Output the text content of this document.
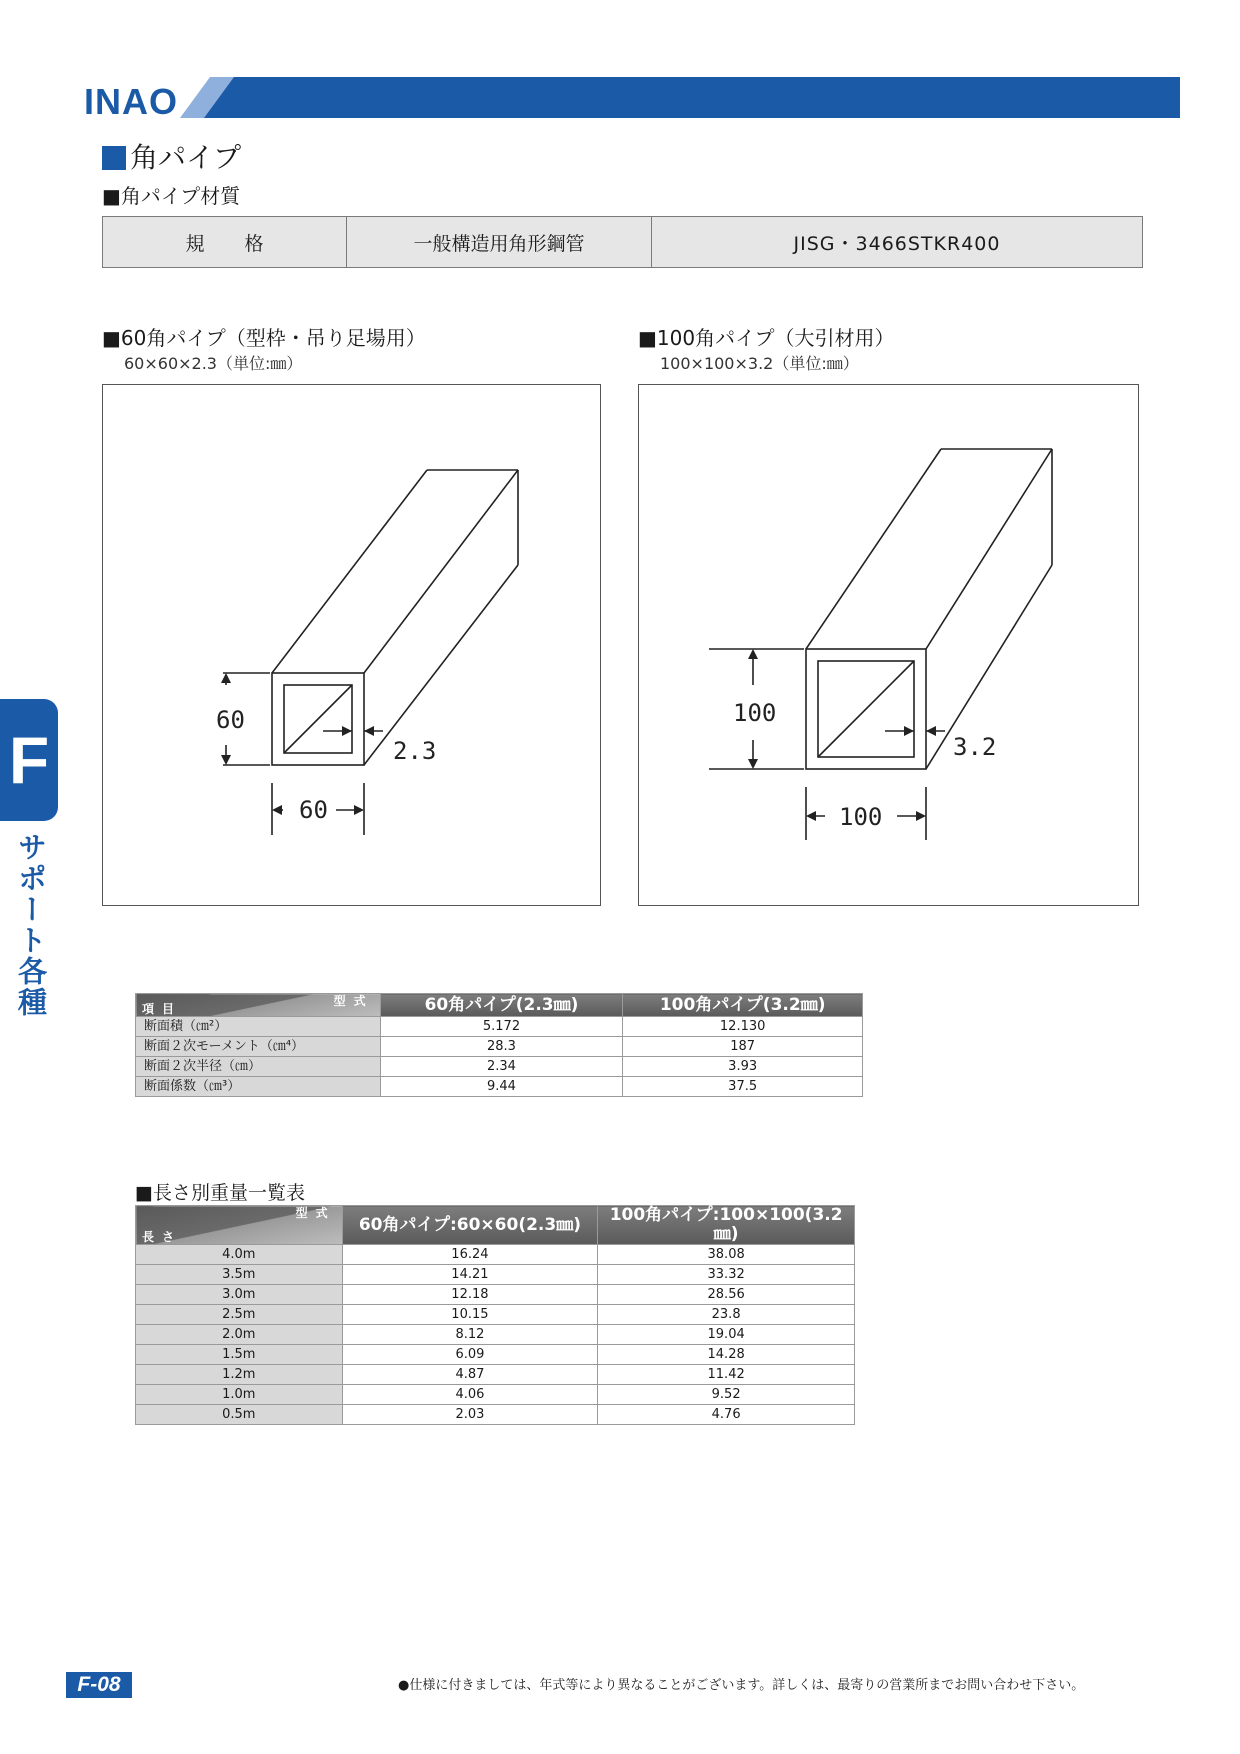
INAO
F
サポート各種
角パイプ
■ 角パイプ材質
規格	一般構造用角形鋼管	JISG・3466STKR400
■ 60角パイプ（型枠・吊り足場用）
60×60×2.3（単位:㎜）
60
60
2.3
■ 100角パイプ（大引材用）
100×100×3.2（単位:㎜）
100
100
3.2
項目
型式	60角パイプ(2.3㎜)	100角パイプ(3.2㎜)
断面積（㎝²）	5.172	12.130
断面２次モーメント（㎝⁴）	28.3	187
断面２次半径（㎝）	2.34	3.93
断面係数（㎝³）	9.44	37.5
■ 長さ別重量一覧表
長さ
型式	60角パイプ:60×60(2.3㎜)	100角パイプ:100×100(3.2㎜)
4.0m	16.24	38.08
3.5m	14.21	33.32
3.0m	12.18	28.56
2.5m	10.15	23.8
2.0m	8.12	19.04
1.5m	6.09	14.28
1.2m	4.87	11.42
1.0m	4.06	9.52
0.5m	2.03	4.76
F-08	●仕様に付きましては、年式等により異なることがございます。詳しくは、最寄りの営業所までお問い合わせ下さい。
